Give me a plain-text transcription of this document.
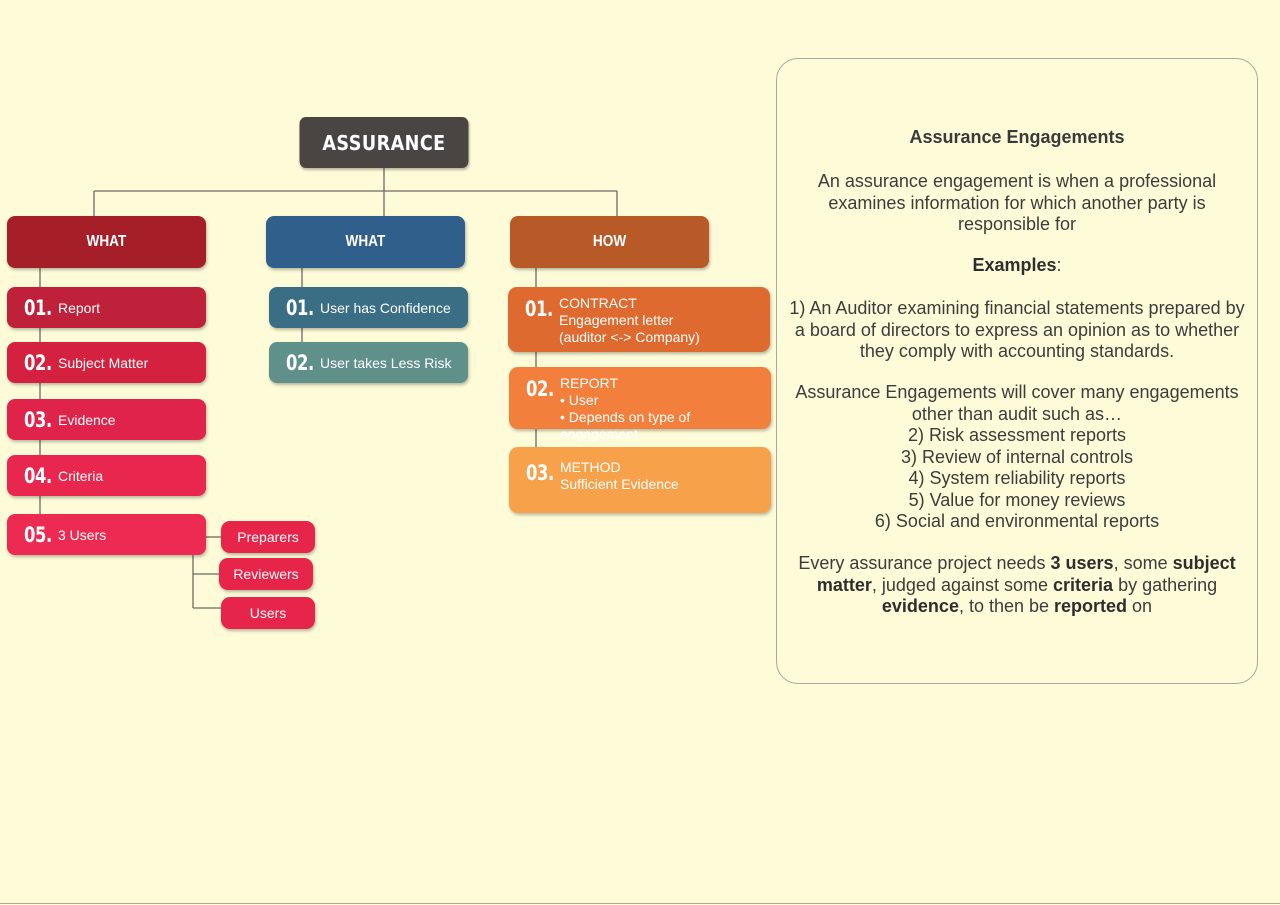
ASSURANCE
WHAT	WHAT	HOW
01. Report
02. Subject Matter
03. Evidence
04. Criteria
05. 3 Users	Preparers
Reviewers
Users
01. User has Confidence
02. User takes Less Risk
01. CONTRACT
Engagement letter
(auditor <-> Company)
02. REPORT
• User
• Depends on type of engagement
03. METHOD
Sufficient Evidence
Assurance Engagements
An assurance engagement is when a professional examines information for which another party is responsible for
Examples:
1) An Auditor examining financial statements prepared by a board of directors to express an opinion as to whether they comply with accounting standards.
Assurance Engagements will cover many engagements other than audit such as…
2) Risk assessment reports
3) Review of internal controls
4) System reliability reports
5) Value for money reviews
6) Social and environmental reports
Every assurance project needs 3 users, some subject matter, judged against some criteria by gathering evidence, to then be reported on
